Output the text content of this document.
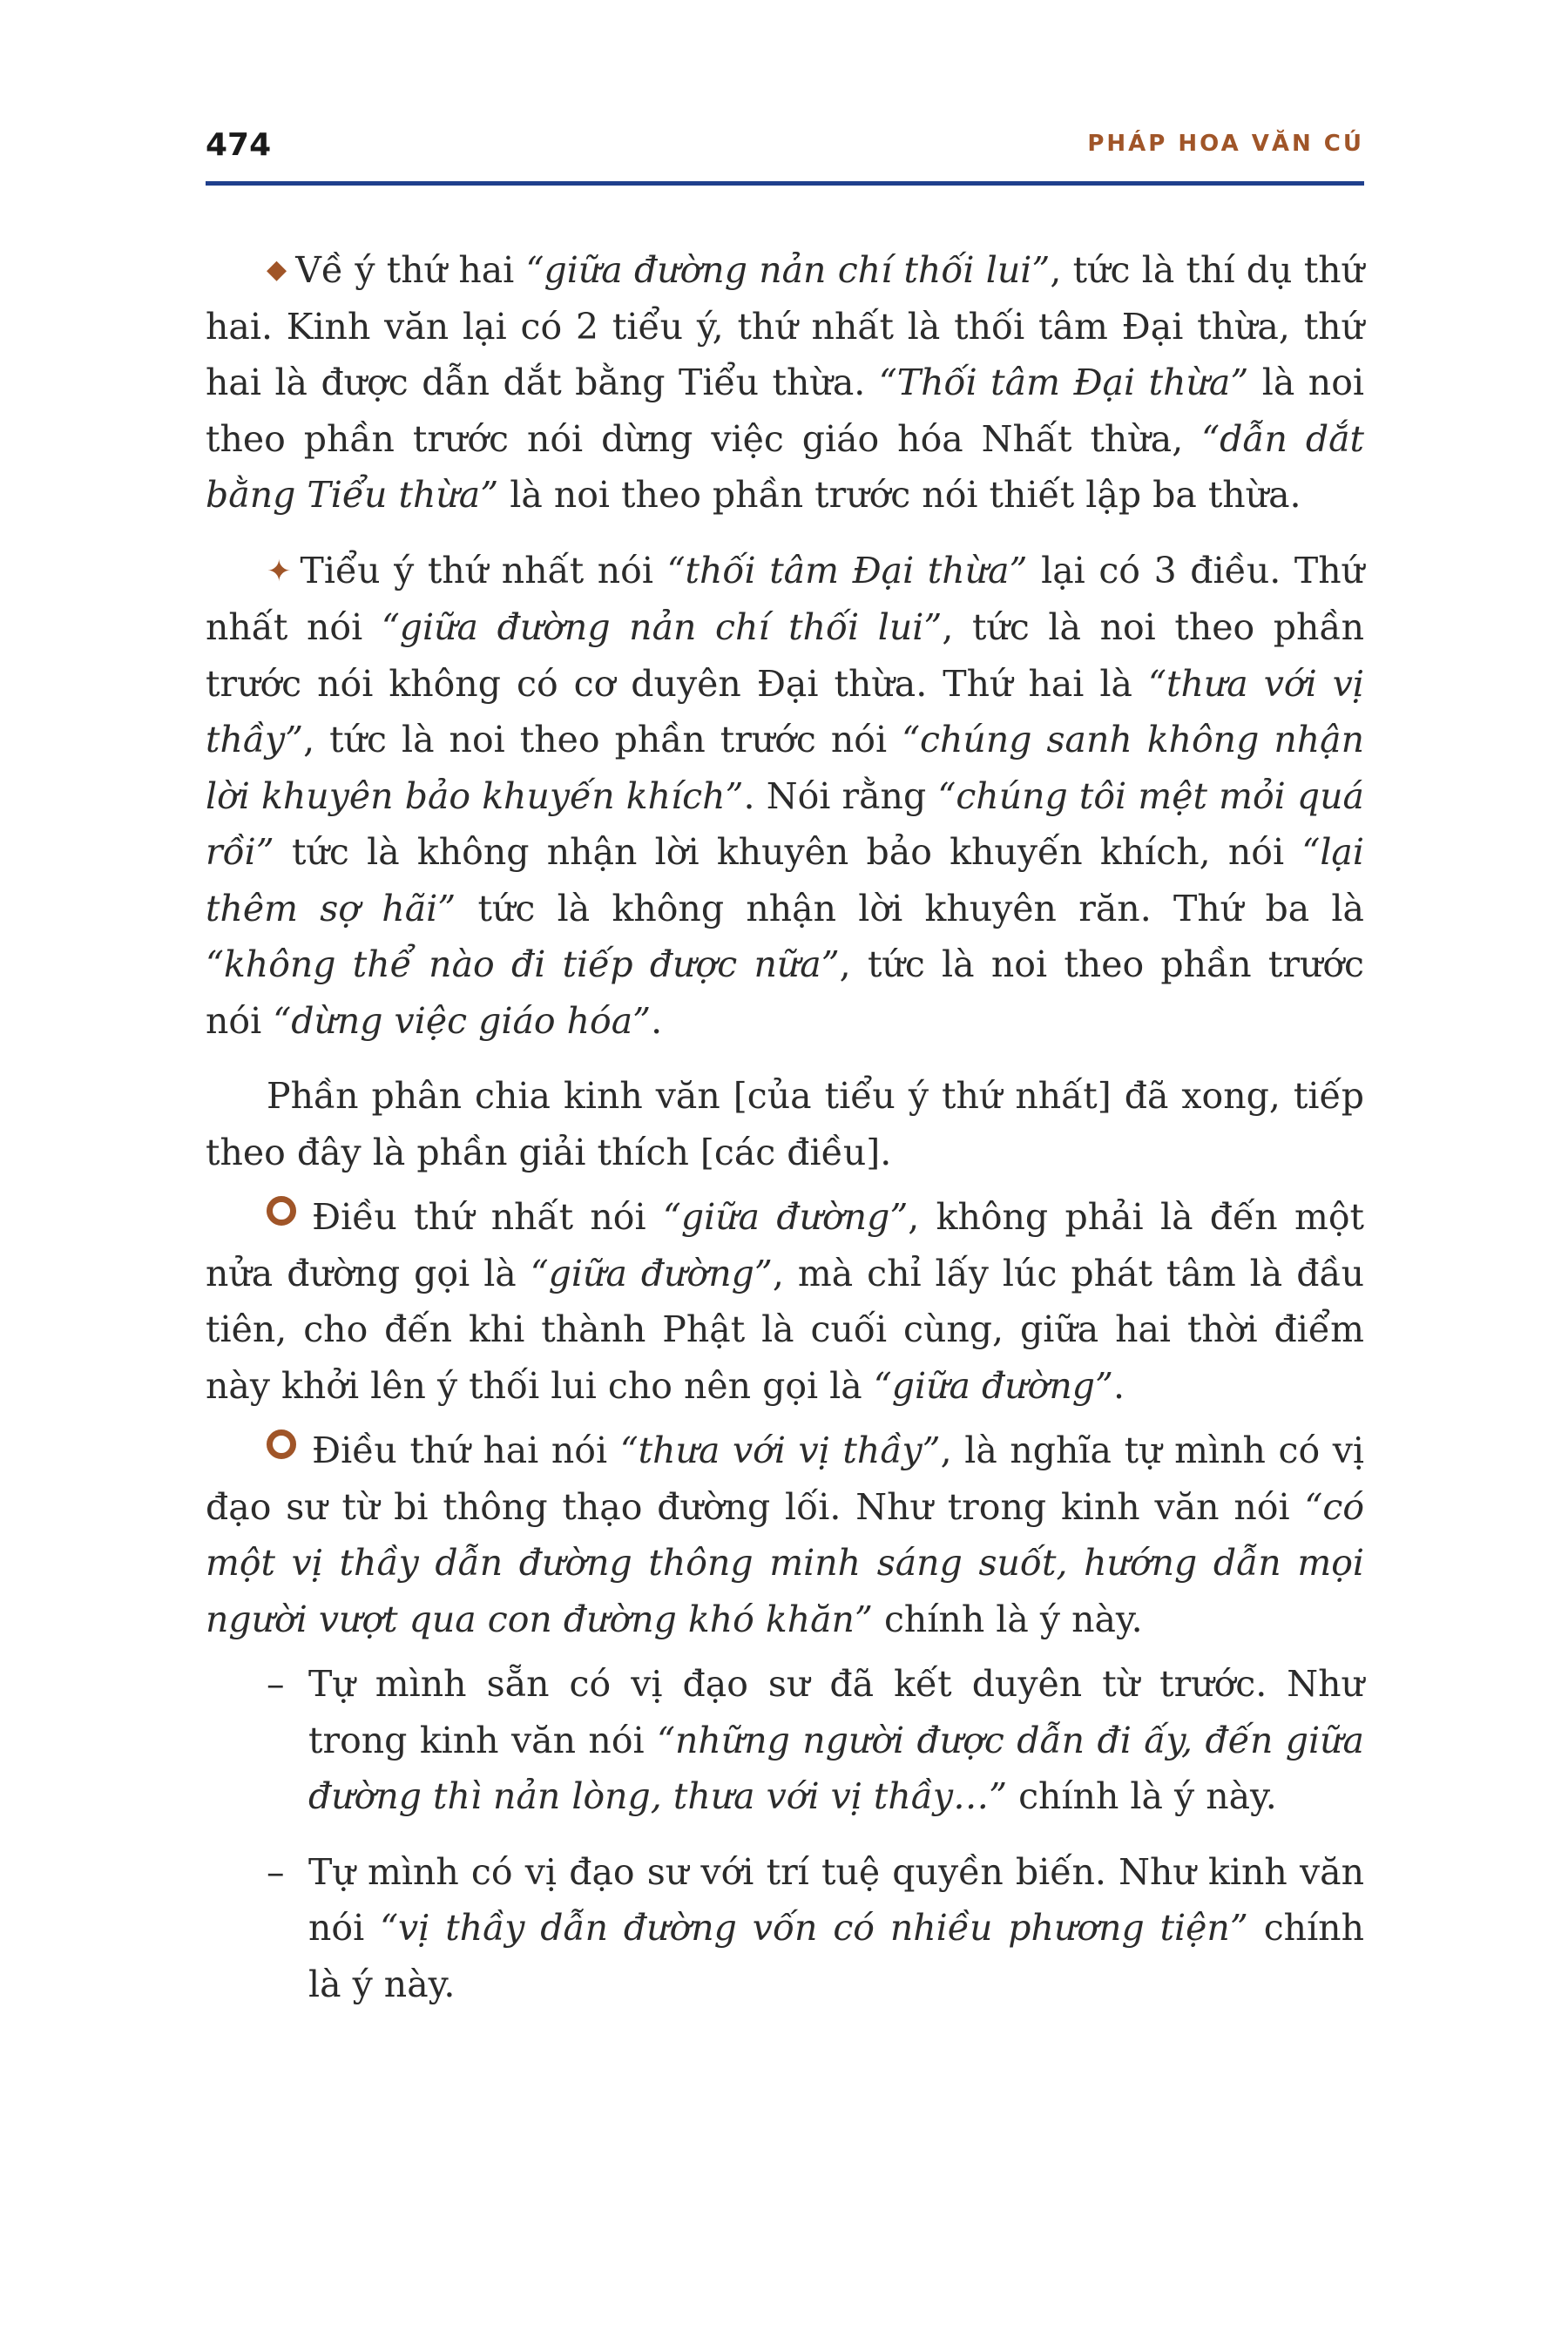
474	PHÁP HOA VĂN CÚ

◆ Về ý thứ hai “giữa đường nản chí thối lui”, tức là thí dụ thứ hai. Kinh văn lại có 2 tiểu ý, thứ nhất là thối tâm Đại thừa, thứ hai là được dẫn dắt bằng Tiểu thừa. “Thối tâm Đại thừa” là noi theo phần trước nói dừng việc giáo hóa Nhất thừa, “dẫn dắt bằng Tiểu thừa” là noi theo phần trước nói thiết lập ba thừa.

✦ Tiểu ý thứ nhất nói “thối tâm Đại thừa” lại có 3 điều. Thứ nhất nói “giữa đường nản chí thối lui”, tức là noi theo phần trước nói không có cơ duyên Đại thừa. Thứ hai là “thưa với vị thầy”, tức là noi theo phần trước nói “chúng sanh không nhận lời khuyên bảo khuyến khích”. Nói rằng “chúng tôi mệt mỏi quá rồi” tức là không nhận lời khuyên bảo khuyến khích, nói “lại thêm sợ hãi” tức là không nhận lời khuyên răn. Thứ ba là “không thể nào đi tiếp được nữa”, tức là noi theo phần trước nói “dừng việc giáo hóa”.

Phần phân chia kinh văn [của tiểu ý thứ nhất] đã xong, tiếp theo đây là phần giải thích [các điều].

Điều thứ nhất nói “giữa đường”, không phải là đến một nửa đường gọi là “giữa đường”, mà chỉ lấy lúc phát tâm là đầu tiên, cho đến khi thành Phật là cuối cùng, giữa hai thời điểm này khởi lên ý thối lui cho nên gọi là “giữa đường”.

Điều thứ hai nói “thưa với vị thầy”, là nghĩa tự mình có vị đạo sư từ bi thông thạo đường lối. Như trong kinh văn nói “có một vị thầy dẫn đường thông minh sáng suốt, hướng dẫn mọi người vượt qua con đường khó khăn” chính là ý này.

– Tự mình sẵn có vị đạo sư đã kết duyên từ trước. Như trong kinh văn nói “những người được dẫn đi ấy, đến giữa đường thì nản lòng, thưa với vị thầy…” chính là ý này.

– Tự mình có vị đạo sư với trí tuệ quyền biến. Như kinh văn nói “vị thầy dẫn đường vốn có nhiều phương tiện” chính là ý này.
